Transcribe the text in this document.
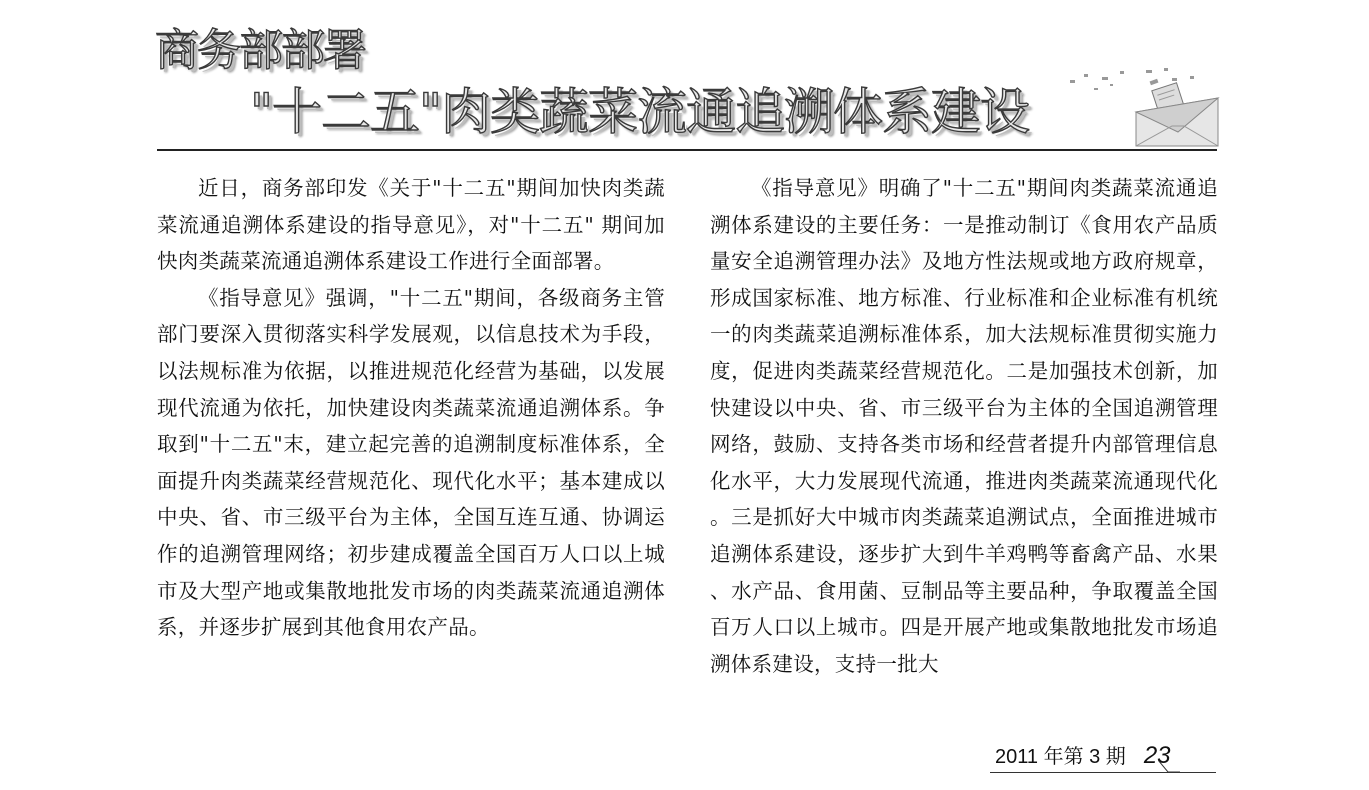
商务部部署
"十二五"肉类蔬菜流通追溯体系建设

近日，商务部印发《关于"十二五"期间加快肉类蔬菜流通追溯体系建设的指导意见》，对"十二五" 期间加快肉类蔬菜流通追溯体系建设工作进行全面部署。

《指导意见》强调，"十二五"期间，各级商务主管部门要深入贯彻落实科学发展观，以信息技术为手段，以法规标准为依据，以推进规范化经营为基础，以发展现代流通为依托，加快建设肉类蔬菜流通追溯体系。争取到"十二五"末，建立起完善的追溯制度标准体系，全面提升肉类蔬菜经营规范化、现代化水平；基本建成以中央、省、市三级平台为主体，全国互连互通、协调运作的追溯管理网络；初步建成覆盖全国百万人口以上城市及大型产地或集散地批发市场的肉类蔬菜流通追溯体系，并逐步扩展到其他食用农产品。

《指导意见》明确了"十二五"期间肉类蔬菜流通追溯体系建设的主要任务：一是推动制订《食用农产品质量安全追溯管理办法》及地方性法规或地方政府规章，形成国家标准、地方标准、行业标准和企业标准有机统一的肉类蔬菜追溯标准体系，加大法规标准贯彻实施力度，促进肉类蔬菜经营规范化。二是加强技术创新，加快建设以中央、省、市三级平台为主体的全国追溯管理网络，鼓励、支持各类市场和经营者提升内部管理信息化水平，大力发展现代流通，推进肉类蔬菜流通现代化。三是抓好大中城市肉类蔬菜追溯试点，全面推进城市追溯体系建设，逐步扩大到牛羊鸡鸭等畜禽产品、水果、水产品、食用菌、豆制品等主要品种，争取覆盖全国百万人口以上城市。四是开展产地或集散地批发市场追溯体系建设，支持一批大

2011 年第 3 期 23
